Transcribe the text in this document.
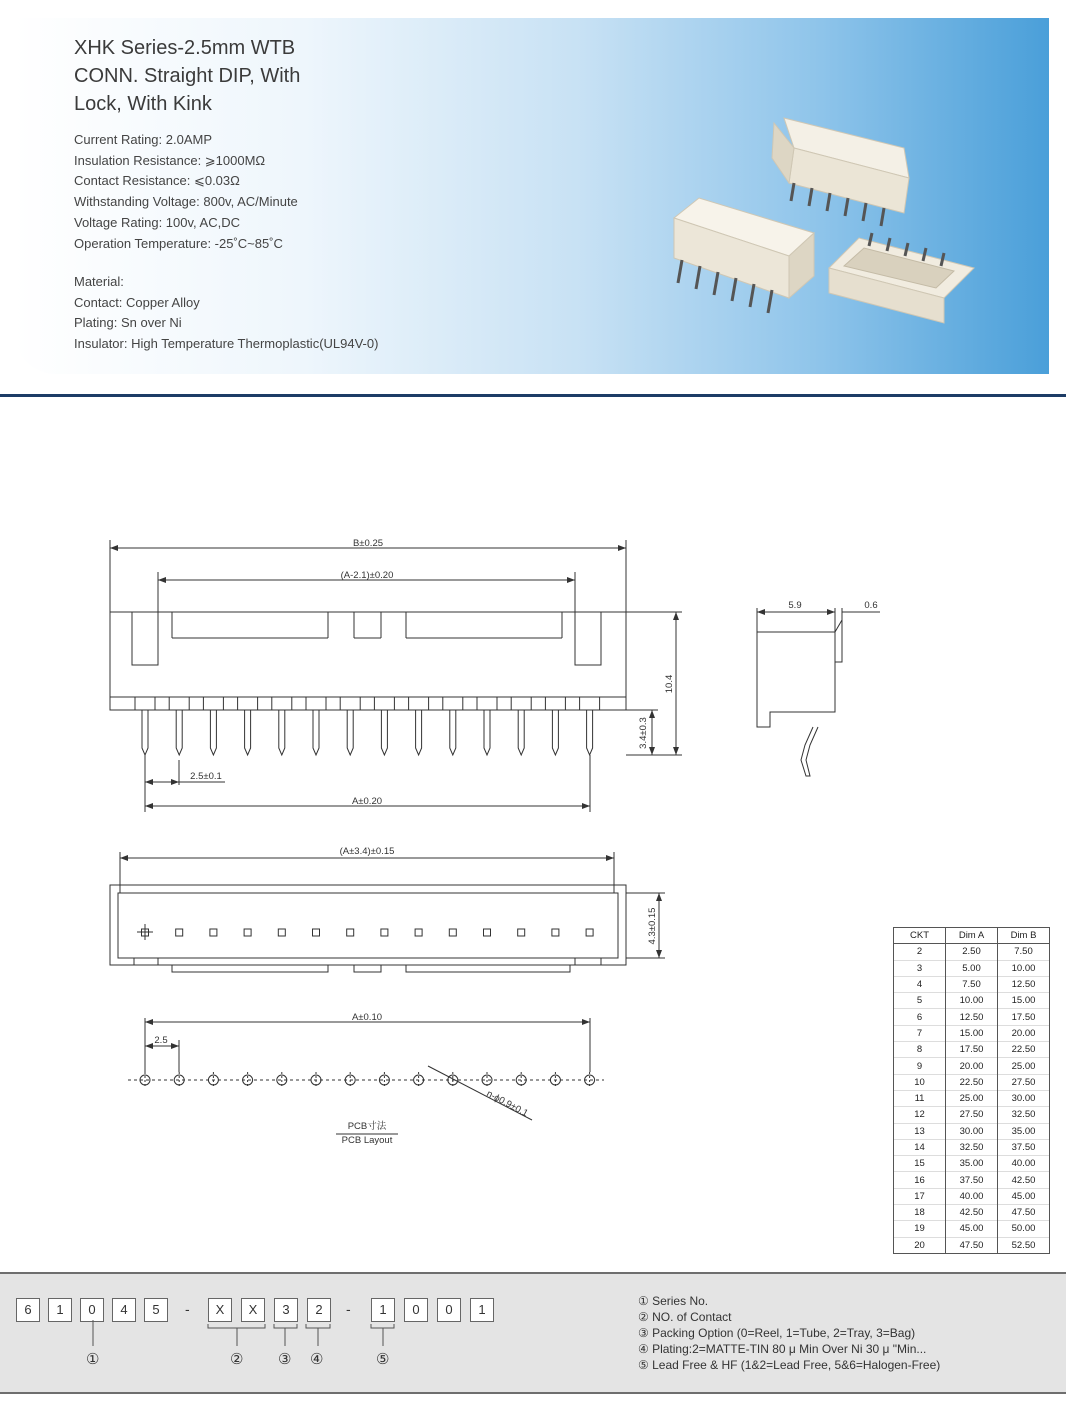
XHK Series-2.5mm WTB
CONN. Straight DIP, With
Lock, With Kink
Current Rating: 2.0AMP
Insulation Resistance: ⩾1000MΩ
Contact Resistance: ⩽0.03Ω
Withstanding Voltage: 800v, AC/Minute
Voltage Rating: 100v, AC,DC
Operation Temperature: -25˚C~85˚C
Material:
Contact: Copper Alloy
Plating: Sn over Ni
Insulator: High Temperature Thermoplastic(UL94V-0)
B±0.25
(A-2.1)±0.20
10.4
3.4±0.3
2.5±0.1
A±0.20
5.9	0.6
(A±3.4)±0.15
4.3±0.15
A±0.10
2.5
n-ϕ0.9±0.1
PCB寸法
PCB Layout
CKT	Dim A	Dim B
2	2.50	7.50
3	5.00	10.00
4	7.50	12.50
5	10.00	15.00
6	12.50	17.50
7	15.00	20.00
8	17.50	22.50
9	20.00	25.00
10	22.50	27.50
11	25.00	30.00
12	27.50	32.50
13	30.00	35.00
14	32.50	37.50
15	35.00	40.00
16	37.50	42.50
17	40.00	45.00
18	42.50	47.50
19	45.00	50.00
20	47.50	52.50
6	1	0	4	5	-	X	X	3	2	-	1	0	0	1
①	② ③ ④	⑤
① Series No.
② NO. of Contact
③ Packing Option (0=Reel, 1=Tube, 2=Tray, 3=Bag)
④ Plating:2=MATTE-TIN 80 μ Min Over Ni 30 μ "Min...
⑤ Lead Free & HF (1&2=Lead Free, 5&6=Halogen-Free)
